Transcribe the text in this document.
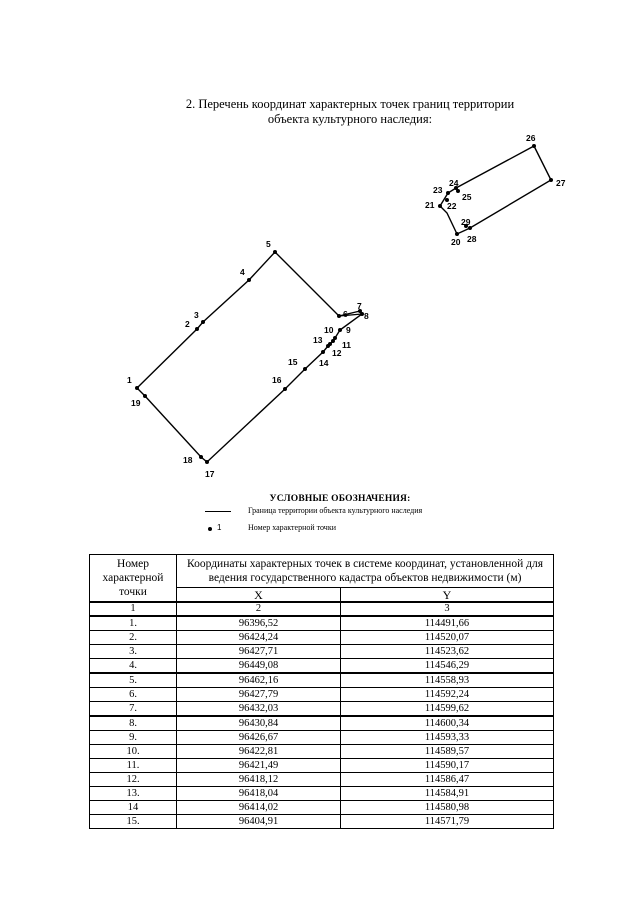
2. Перечень координат характерных точек границ территории
объекта культурного наследия:
1
2
3
4
5
6
7
8
9
10
11
12
13
14
15
16
17
18
19
20
21 22
23
24
25
26
27
28
29
УСЛОВНЫЕ ОБОЗНАЧЕНИЯ:
Граница территории объекта культурного наследия
1	Номер характерной точки
Номер характерной точки	Координаты характерных точек в системе координат, установленной для ведения государственного кадастра объектов недвижимости (м)	
	X	Y
1	2	3
1.	96396,52	114491,66
2.	96424,24	114520,07
3.	96427,71	114523,62
4.	96449,08	114546,29
5.	96462,16	114558,93
6.	96427,79	114592,24
7.	96432,03	114599,62
8.	96430,84	114600,34
9.	96426,67	114593,33
10.	96422,81	114589,57
11.	96421,49	114590,17
12.	96418,12	114586,47
13.	96418,04	114584,91
14	96414,02	114580,98
15.	96404,91	114571,79
